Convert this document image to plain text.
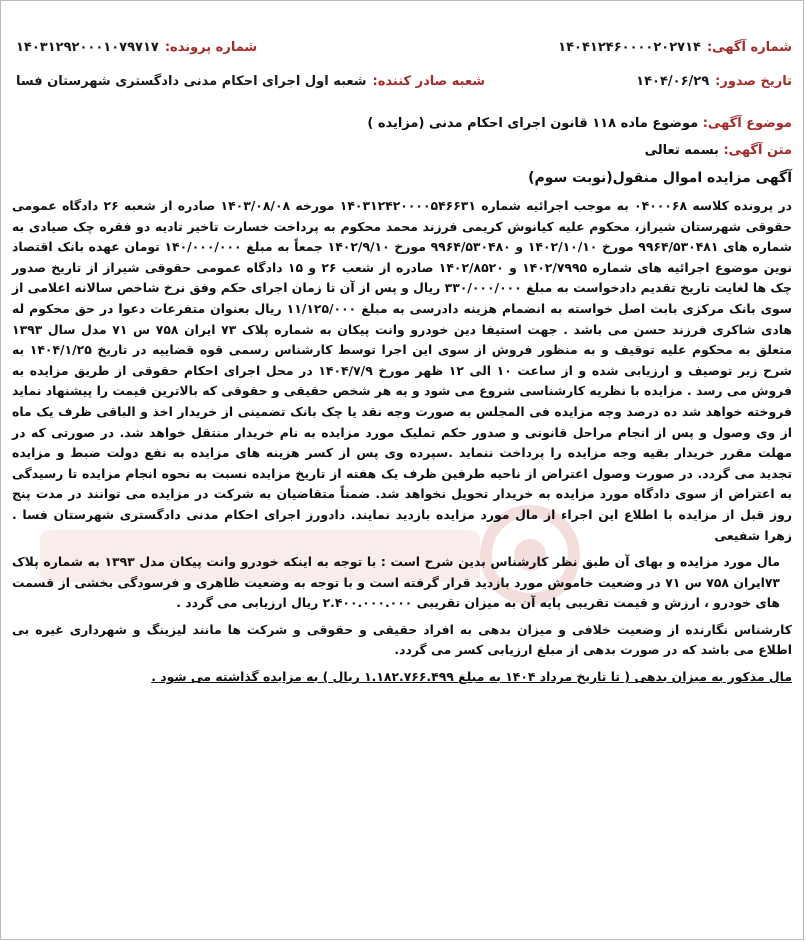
شماره آگهی:
۱۴۰۴۱۲۴۶۰۰۰۰۲۰۲۷۱۴
شماره پرونده:
۱۴۰۳۱۲۹۲۰۰۰۱۰۷۹۷۱۷
تاریخ صدور:
۱۴۰۴/۰۶/۲۹
شعبه صادر کننده:
شعبه اول اجرای احکام مدنی دادگستری شهرستان فسا
موضوع آگهی: موضوع ماده ۱۱۸ قانون اجرای احکام مدنی (مزایده )
متن آگهی: بسمه تعالی
آگهی مزایده اموال منقول(نوبت سوم)

در پرونده کلاسه ۰۴۰۰۰۶۸ به موجب اجرائیه شماره ۱۴۰۳۱۲۴۲۰۰۰۰۵۴۶۶۳۱ مورخه ۱۴۰۳/۰۸/۰۸ صادره از شعبه ۲۶ دادگاه عمومی حقوقی شهرستان شیراز، محکوم علیه کیانوش کریمی فرزند محمد محکوم به پرداخت خسارت تاخیر تادیه دو فقره چک صیادی به شماره های ۹۹۶۴/۵۳۰۴۸۱ مورخ ۱۴۰۲/۱۰/۱۰ و ۹۹۶۴/۵۳۰۴۸۰ مورخ ۱۴۰۲/۹/۱۰ جمعاً به مبلغ ۱۴۰/۰۰۰/۰۰۰ تومان عهده بانک اقتصاد نوین موضوع اجرائیه های شماره ۱۴۰۲/۷۹۹۵ و ۱۴۰۲/۸۵۲۰ صادره از شعب ۲۶ و ۱۵ دادگاه عمومی حقوقی شیراز از تاریخ صدور چک ها لغایت تاریخ تقدیم دادخواست به مبلغ ۳۳۰/۰۰۰/۰۰۰ ریال و پس از آن تا زمان اجرای حکم وفق نرخ شاخص سالانه اعلامی از سوی بانک مرکزی بابت اصل خواسته به انضمام هزینه دادرسی به مبلغ ۱۱/۱۲۵/۰۰۰ ریال بعنوان متفرعات دعوا در حق محکوم له هادی شاکری فرزند حسن می باشد . جهت استیفا دین خودرو وانت پیکان به شماره پلاک ۷۳ ایران ۷۵۸ س ۷۱ مدل سال ۱۳۹۳ متعلق به محکوم علیه توقیف و به منظور فروش از سوی این اجرا توسط کارشناس رسمی قوه قضاییه در تاریخ ۱۴۰۴/۱/۲۵ به شرح زیر توصیف و ارزیابی شده و از ساعت ۱۰ الی ۱۲ ظهر مورخ ۱۴۰۴/۷/۹ در محل اجرای احکام حقوقی از طریق مزایده به فروش می رسد . مزایده با نظریه کارشناسی شروع می شود و به هر شخص حقیقی و حقوقی که بالاترین قیمت را پیشنهاد نماید فروخته خواهد شد ده درصد وجه مزایده فی المجلس به صورت وجه نقد یا چک بانک تضمینی از خریدار اخذ و الباقی ظرف یک ماه از وی وصول و پس از انجام مراحل قانونی و صدور حکم تملیک مورد مزایده به نام خریدار منتقل خواهد شد. در صورتی که در مهلت مقرر خریدار بقیه وجه مزایده را پرداخت ننماید .سپرده وی پس از کسر هزینه های مزایده به نفع دولت ضبط و مزایده تجدید می گردد. در صورت وصول اعتراض از ناحیه طرفین ظرف یک هفته از تاریخ مزایده نسبت به نحوه انجام مزایده تا رسیدگی به اعتراض از سوی دادگاه مورد مزایده به خریدار تحویل نخواهد شد. ضمناً متقاضیان به شرکت در مزایده می توانند در مدت پنج روز قبل از مزایده با اطلاع این اجراء از مال مورد مزایده بازدید نمایند. دادورز اجرای احکام مدنی دادگستری شهرستان فسا . زهرا شفیعی

مال مورد مزایده و بهای آن طبق نظر کارشناس بدین شرح است : با توجه به اینکه خودرو وانت پیکان مدل ۱۳۹۳ به شماره پلاک ۷۳ایران ۷۵۸ س ۷۱ در وضعیت خاموش مورد بازدید قرار گرفته است و با توجه به وضعیت ظاهری و فرسودگی بخشی از قسمت های خودرو ، ارزش و قیمت تقریبی پایه آن به میزان تقریبی ۲.۴۰۰.۰۰۰.۰۰۰ ریال ارزیابی می گردد .

کارشناس نگارنده از وضعیت خلافی و میزان بدهی به افراد حقیقی و حقوقی و شرکت ها مانند لیزینگ و شهرداری غیره بی اطلاع می باشد که در صورت بدهی از مبلغ ارزیابی کسر می گردد.

مال مذکور به میزان بدهی ( تا تاریخ مرداد ۱۴۰۴ به مبلغ ۱.۱۸۲.۷۶۶.۴۹۹ ریال ) به مزایده گذاشته می شود .
